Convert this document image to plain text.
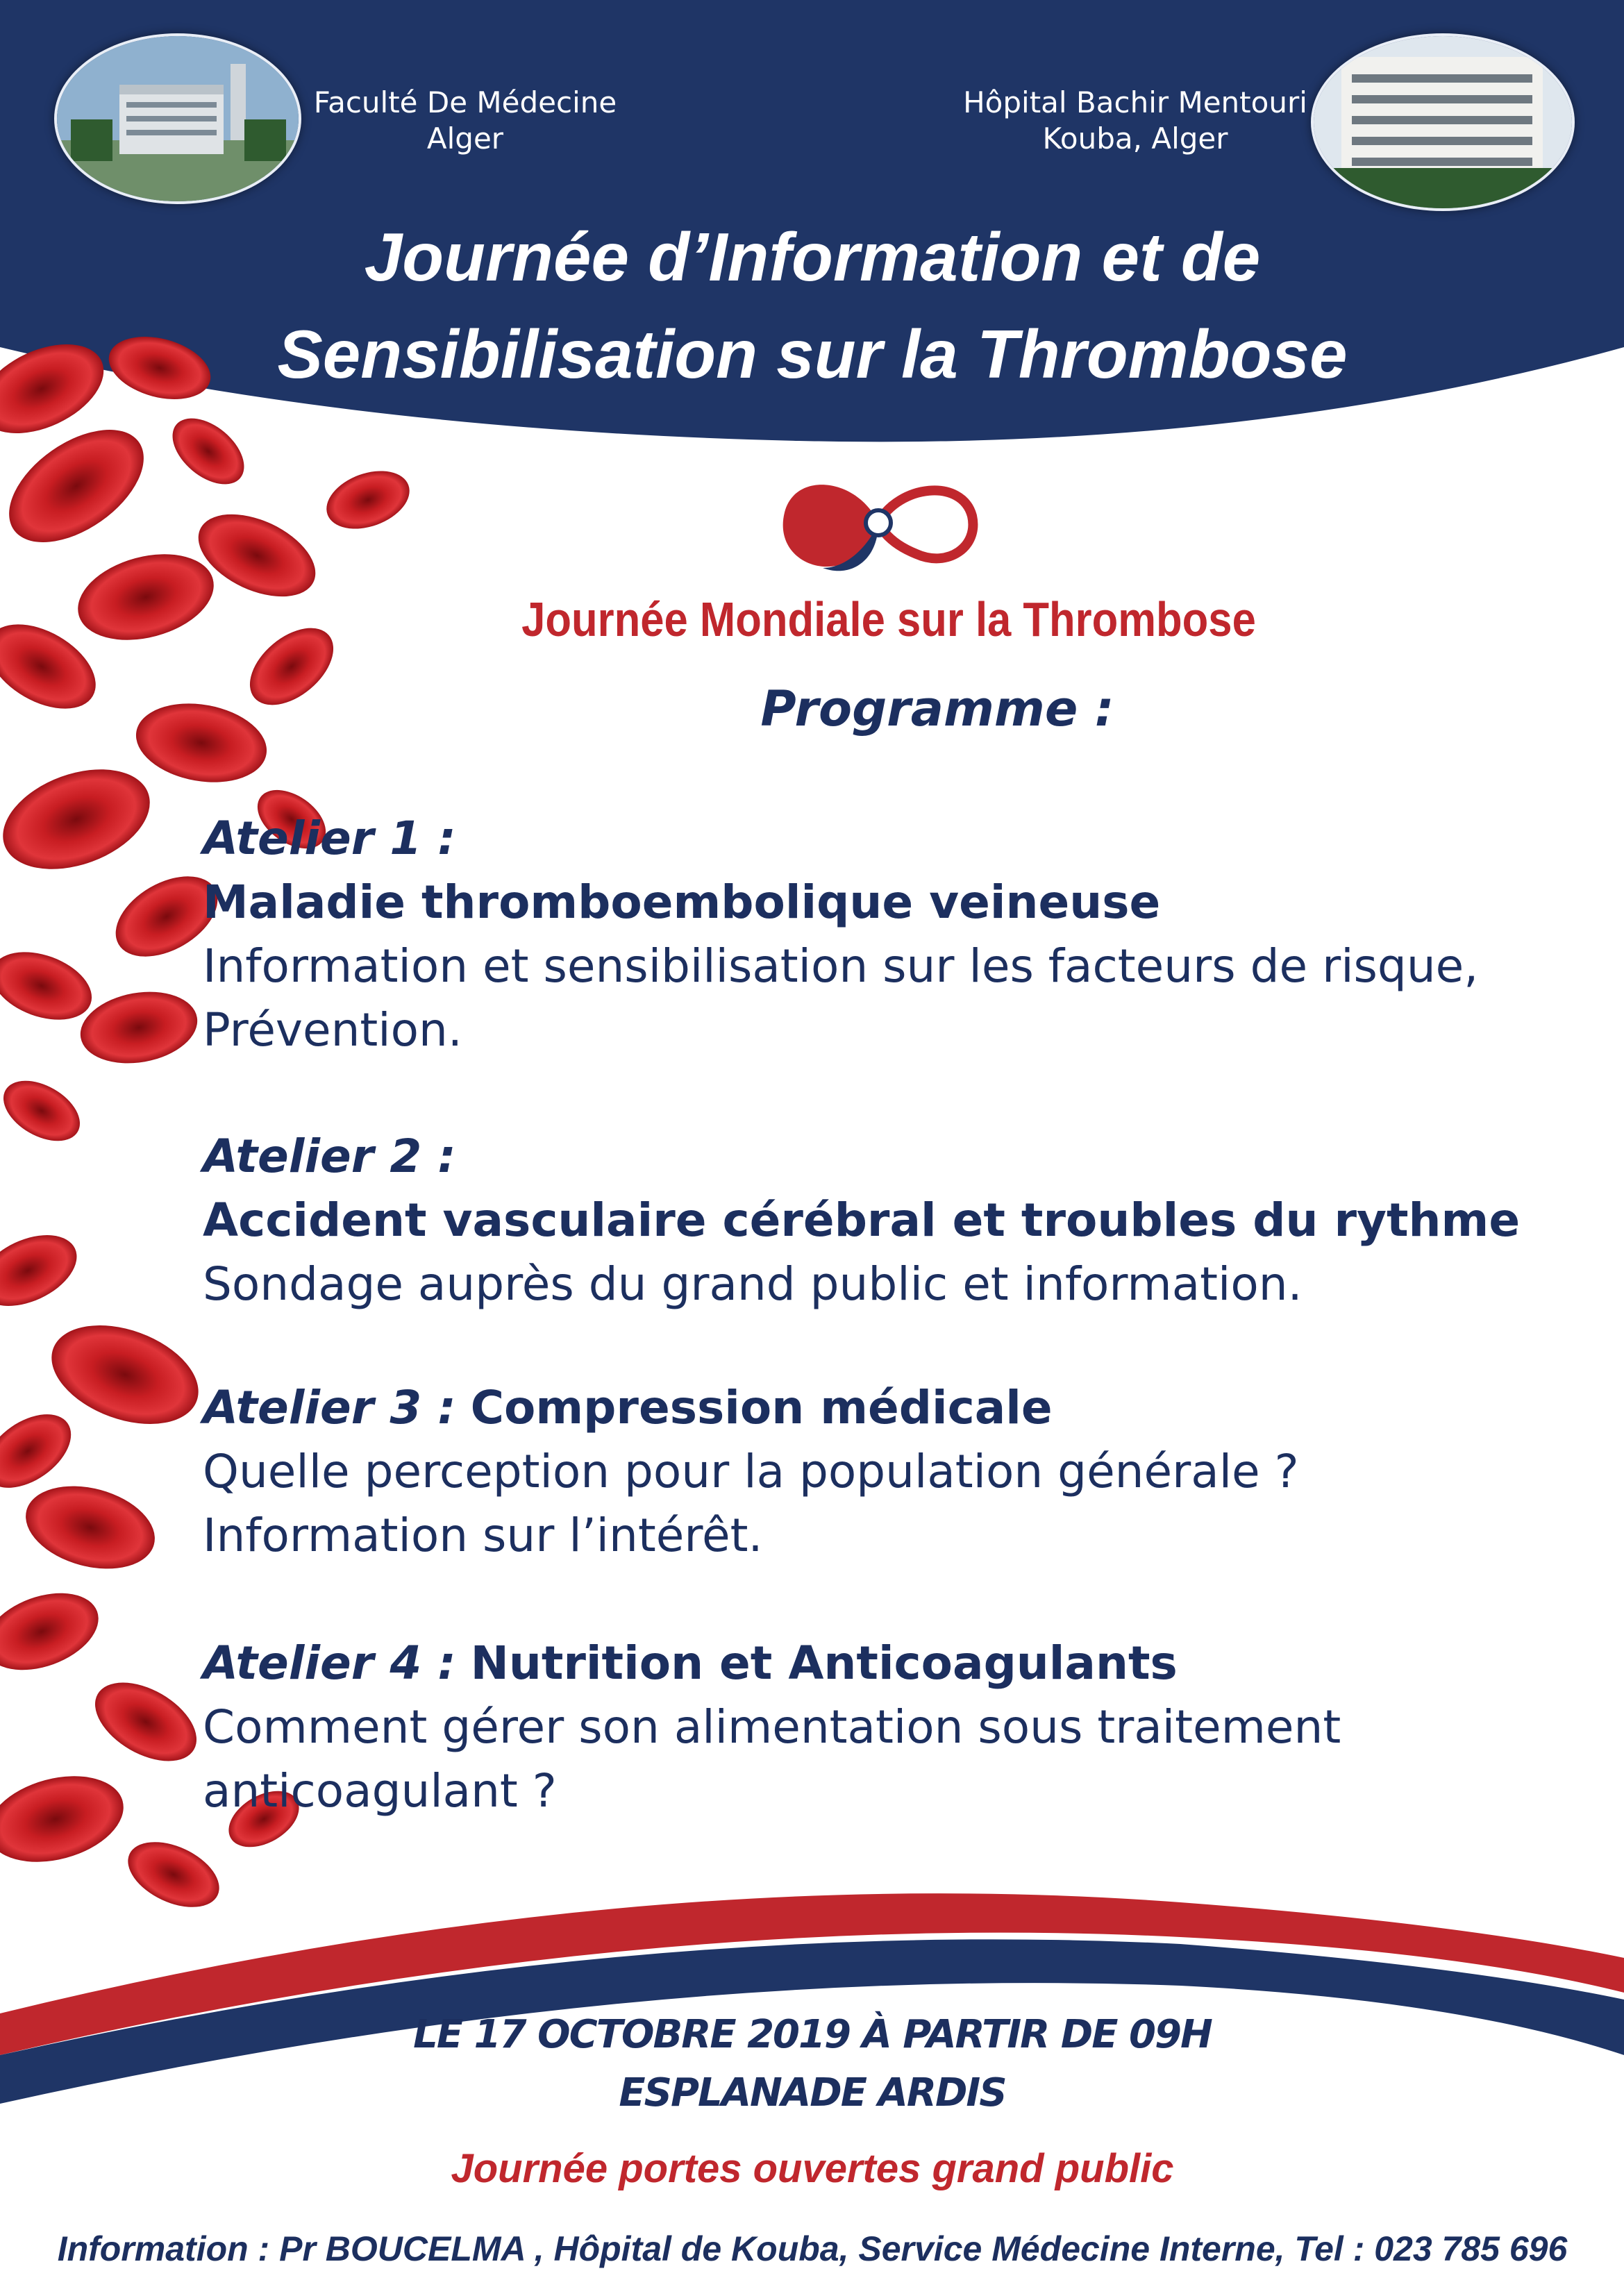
Faculté De Médecine
Alger
Hôpital Bachir Mentouri
Kouba, Alger
Journée d’Information et de
Sensibilisation sur la Thrombose
Journée Mondiale sur la Thrombose
Programme :
Atelier 1 :
Maladie thromboembolique veineuse
Information et sensibilisation sur les facteurs de risque,
Prévention.
Atelier 2 :
Accident vasculaire cérébral et troubles du rythme
Sondage auprès du grand public et information.
Atelier 3 : Compression médicale
Quelle perception pour la population générale ?
Information sur l’intérêt.
Atelier 4 : Nutrition et Anticoagulants
Comment gérer son alimentation sous traitement
anticoagulant ?
LE 17 OCTOBRE 2019 À PARTIR DE 09H
ESPLANADE ARDIS
Journée portes ouvertes grand public
Information : Pr BOUCELMA , Hôpital de Kouba, Service Médecine Interne, Tel : 023 785 696
